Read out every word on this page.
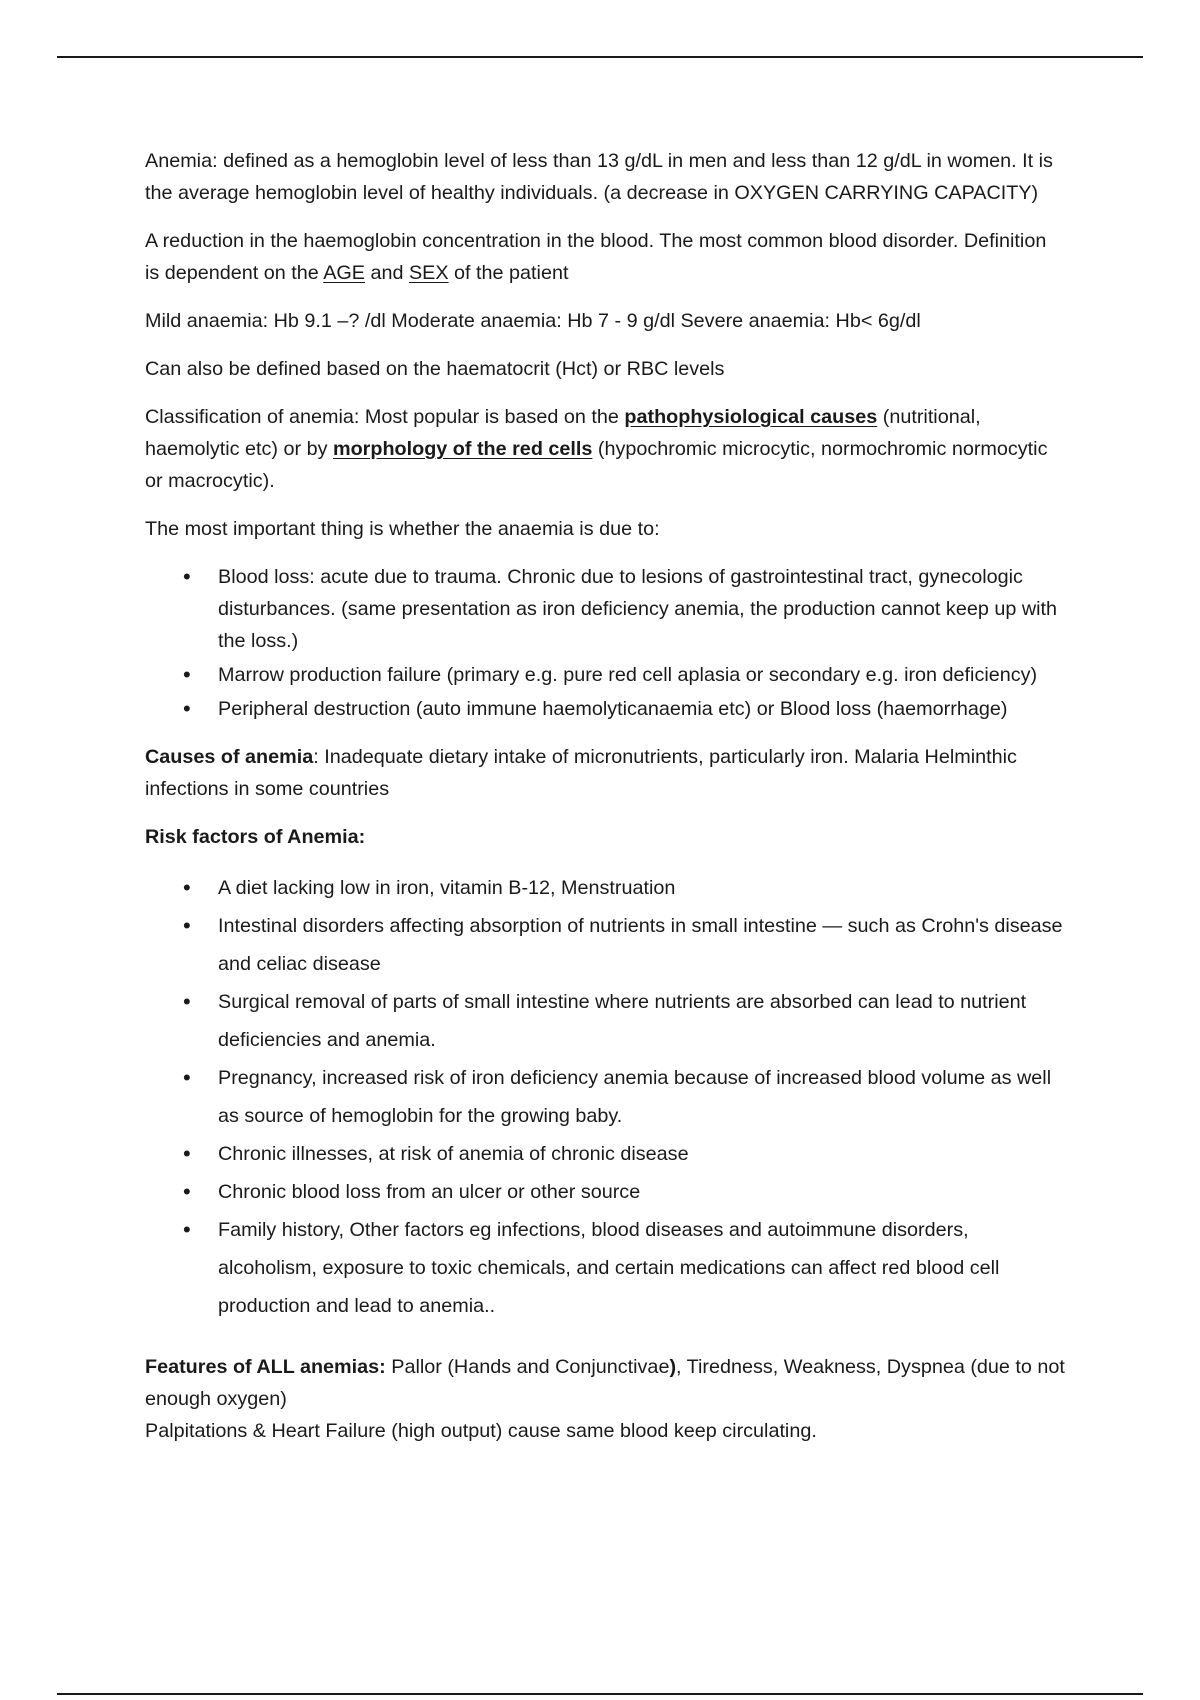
Anemia: defined as a hemoglobin level of less than 13 g/dL in men and less than 12 g/dL in women. It is the average hemoglobin level of healthy individuals. (a decrease in OXYGEN CARRYING CAPACITY)

A reduction in the haemoglobin concentration in the blood. The most common blood disorder. Definition is dependent on the AGE and SEX of the patient

Mild anaemia: Hb 9.1 –? /dl Moderate anaemia: Hb 7 - 9 g/dl Severe anaemia: Hb< 6g/dl

Can also be defined based on the haematocrit (Hct) or RBC levels

Classification of anemia: Most popular is based on the pathophysiological causes (nutritional, haemolytic etc) or by morphology of the red cells (hypochromic microcytic, normochromic normocytic or macrocytic).

The most important thing is whether the anaemia is due to:

• Blood loss: acute due to trauma. Chronic due to lesions of gastrointestinal tract, gynecologic disturbances. (same presentation as iron deficiency anemia, the production cannot keep up with the loss.)
• Marrow production failure (primary e.g. pure red cell aplasia or secondary e.g. iron deficiency)
• Peripheral destruction (auto immune haemolyticanaemia etc) or Blood loss (haemorrhage)

Causes of anemia: Inadequate dietary intake of micronutrients, particularly iron. Malaria Helminthic infections in some countries

Risk factors of Anemia:

• A diet lacking low in iron, vitamin B-12, Menstruation
• Intestinal disorders affecting absorption of nutrients in small intestine — such as Crohn's disease and celiac disease
• Surgical removal of parts of small intestine where nutrients are absorbed can lead to nutrient deficiencies and anemia.
• Pregnancy, increased risk of iron deficiency anemia because of increased blood volume as well as source of hemoglobin for the growing baby.
• Chronic illnesses, at risk of anemia of chronic disease
• Chronic blood loss from an ulcer or other source
• Family history, Other factors eg infections, blood diseases and autoimmune disorders, alcoholism, exposure to toxic chemicals, and certain medications can affect red blood cell production and lead to anemia..

Features of ALL anemias: Pallor (Hands and Conjunctivae), Tiredness, Weakness, Dyspnea (due to not enough oxygen)

Palpitations & Heart Failure (high output) cause same blood keep circulating.
